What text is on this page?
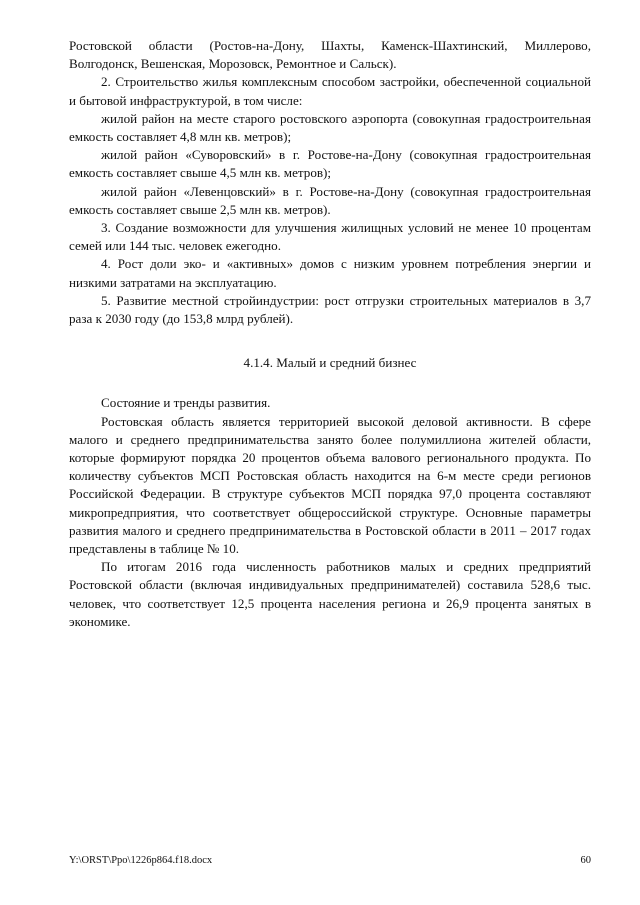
Ростовской области (Ростов-на-Дону, Шахты, Каменск-Шахтинский, Миллерово, Волгодонск, Вешенская, Морозовск, Ремонтное и Сальск).

2. Строительство жилья комплексным способом застройки, обеспеченной социальной и бытовой инфраструктурой, в том числе:

жилой район на месте старого ростовского аэропорта (совокупная градостроительная емкость составляет 4,8 млн кв. метров);

жилой район «Суворовский» в г. Ростове-на-Дону (совокупная градостроительная емкость составляет свыше 4,5 млн кв. метров);

жилой район «Левенцовский» в г. Ростове-на-Дону (совокупная градостроительная емкость составляет свыше 2,5 млн кв. метров).

3. Создание возможности для улучшения жилищных условий не менее 10 процентам семей или 144 тыс. человек ежегодно.

4. Рост доли эко- и «активных» домов с низким уровнем потребления энергии и низкими затратами на эксплуатацию.

5. Развитие местной стройиндустрии: рост отгрузки строительных материалов в 3,7 раза к 2030 году (до 153,8 млрд рублей).

4.1.4. Малый и средний бизнес

Состояние и тренды развития.

Ростовская область является территорией высокой деловой активности. В сфере малого и среднего предпринимательства занято более полумиллиона жителей области, которые формируют порядка 20 процентов объема валового регионального продукта. По количеству субъектов МСП Ростовская область находится на 6-м месте среди регионов Российской Федерации. В структуре субъектов МСП порядка 97,0 процента составляют микропредприятия, что соответствует общероссийской структуре. Основные параметры развития малого и среднего предпринимательства в Ростовской области в 2011 – 2017 годах представлены в таблице № 10.

По итогам 2016 года численность работников малых и средних предприятий Ростовской области (включая индивидуальных предпринимателей) составила 528,6 тыс. человек, что соответствует 12,5 процента населения региона и 26,9 процента занятых в экономике.

Y:\ORST\Ppo\1226p864.f18.docx	60
